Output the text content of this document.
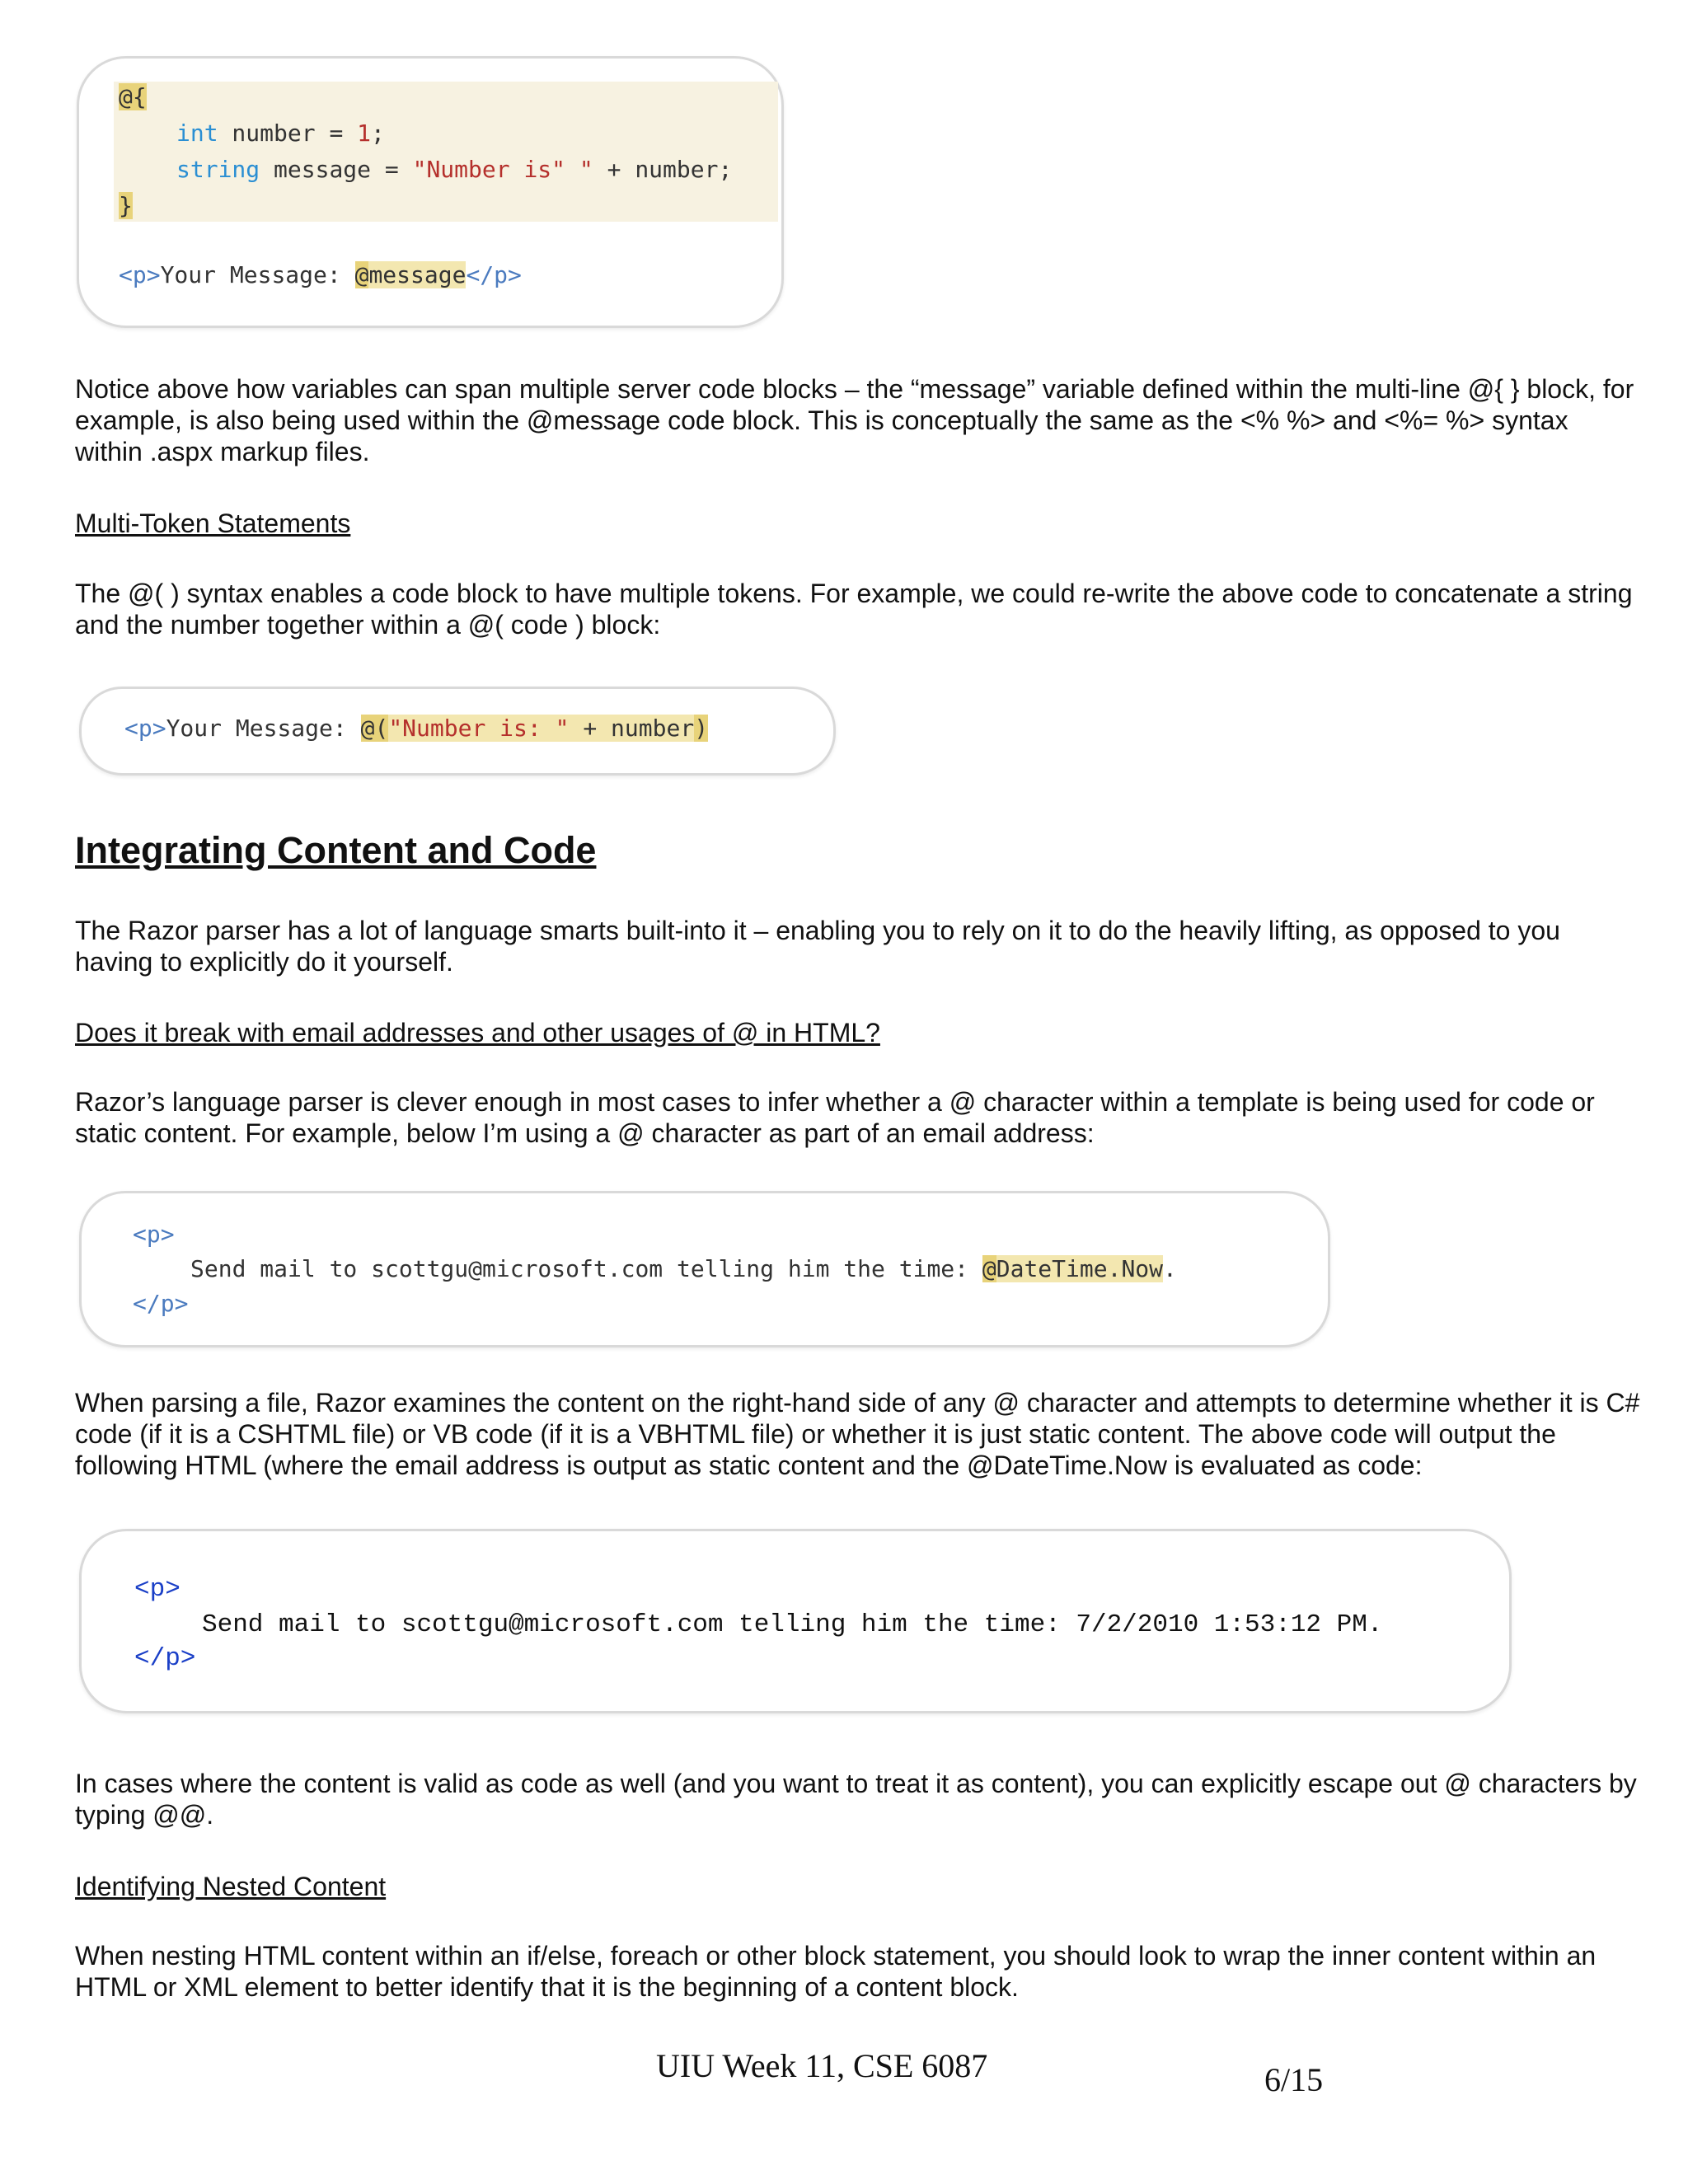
@{
int number = 1;
string message = "Number is" " + number;
}
<p>Your Message: @message</p>

Notice above how variables can span multiple server code blocks – the “message” variable defined within the multi-line @{ } block, for example, is also being used within the @message code block. This is conceptually the same as the <% %> and <%= %> syntax within .aspx markup files.

Multi-Token Statements

The @( ) syntax enables a code block to have multiple tokens. For example, we could re-write the above code to concatenate a string and the number together within a @( code ) block:

<p>Your Message: @("Number is: " + number)
Integrating Content and Code

The Razor parser has a lot of language smarts built-into it – enabling you to rely on it to do the heavily lifting, as opposed to you having to explicitly do it yourself.

Does it break with email addresses and other usages of @ in HTML?

Razor’s language parser is clever enough in most cases to infer whether a @ character within a template is being used for code or static content. For example, below I’m using a @ character as part of an email address:

<p>
Send mail to scottgu@microsoft.com telling him the time: @DateTime.Now.
</p>

When parsing a file, Razor examines the content on the right-hand side of any @ character and attempts to determine whether it is C# code (if it is a CSHTML file) or VB code (if it is a VBHTML file) or whether it is just static content. The above code will output the following HTML (where the email address is output as static content and the @DateTime.Now is evaluated as code:

<p>
Send mail to scottgu@microsoft.com telling him the time: 7/2/2010 1:53:12 PM.
</p>

In cases where the content is valid as code as well (and you want to treat it as content), you can explicitly escape out @ characters by typing @@.

Identifying Nested Content

When nesting HTML content within an if/else, foreach or other block statement, you should look to wrap the inner content within an HTML or XML element to better identify that it is the beginning of a content block.

UIU Week 11, CSE 6087	6/15
